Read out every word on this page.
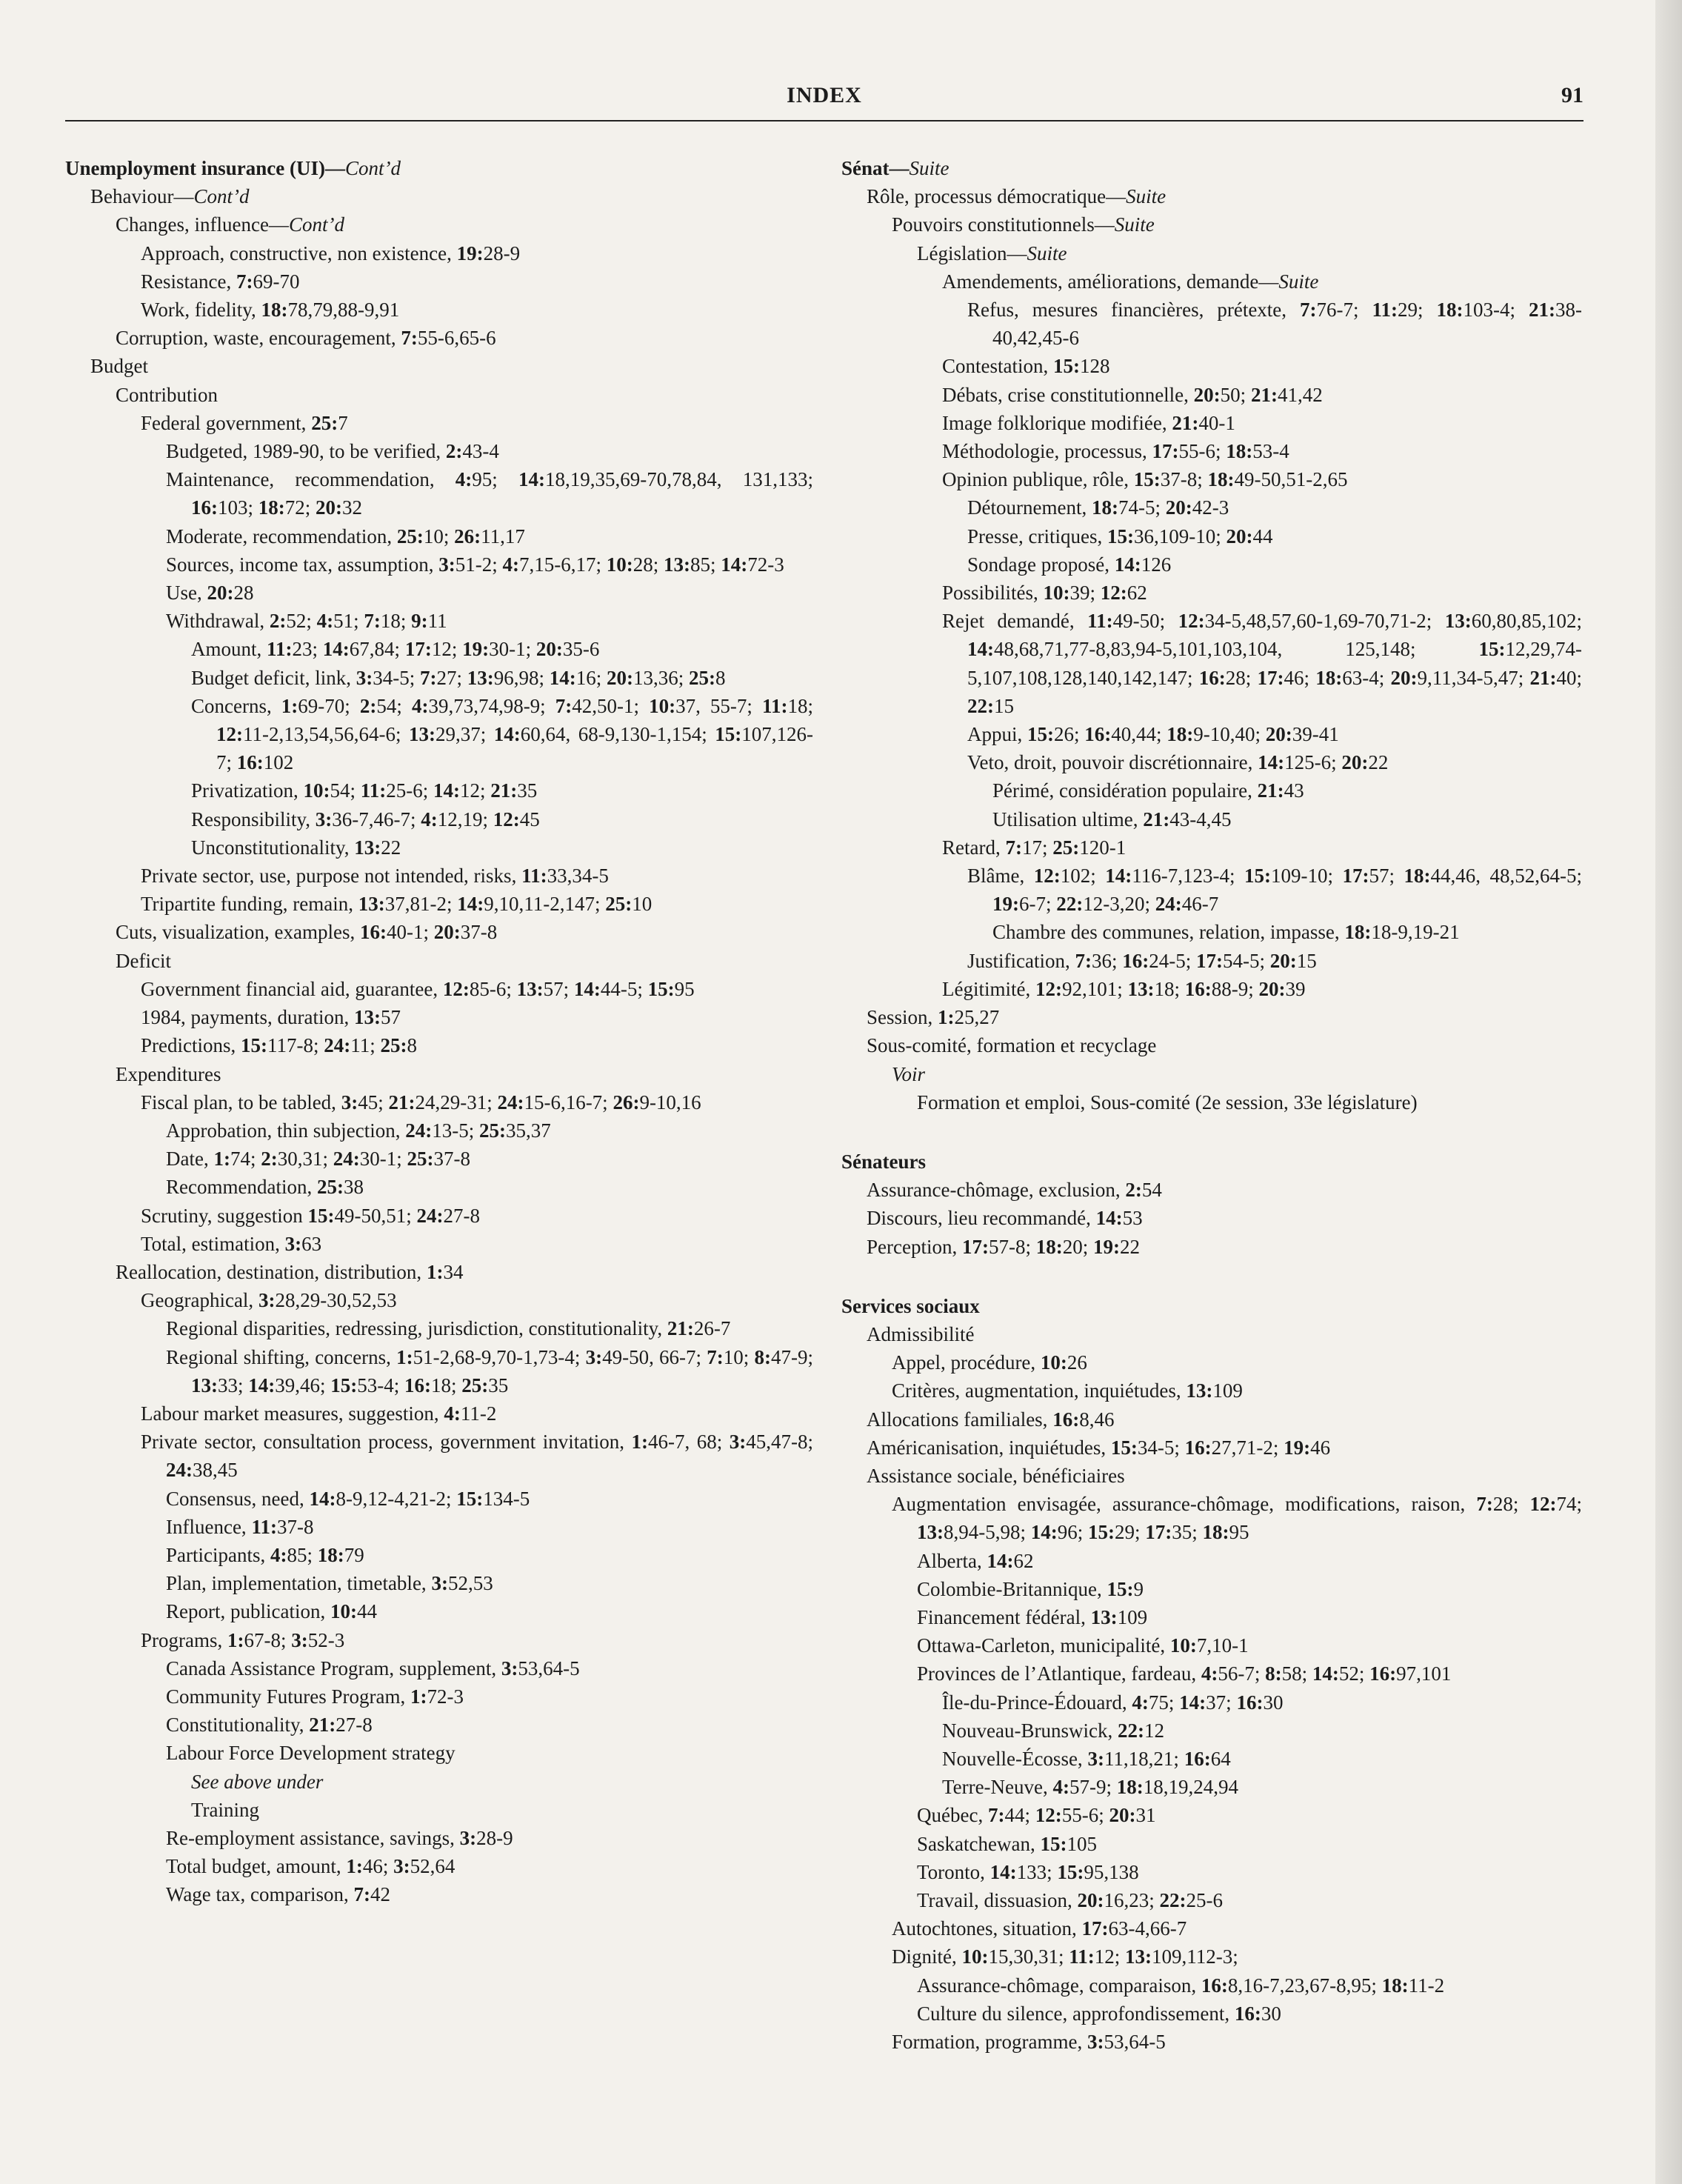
INDEX	91
Unemployment insurance (UI)—Cont’d
Behaviour—Cont’d
Changes, influence—Cont’d
Approach, constructive, non existence, 19:28-9
Resistance, 7:69-70
Work, fidelity, 18:78,79,88-9,91
Corruption, waste, encouragement, 7:55-6,65-6
Budget
Contribution
Federal government, 25:7
Budgeted, 1989-90, to be verified, 2:43-4
Maintenance, recommendation, 4:95; 14:18,19,35,69-70,78,84, 131,133; 16:103; 18:72; 20:32
Moderate, recommendation, 25:10; 26:11,17
Sources, income tax, assumption, 3:51-2; 4:7,15-6,17; 10:28; 13:85; 14:72-3
Use, 20:28
Withdrawal, 2:52; 4:51; 7:18; 9:11
Amount, 11:23; 14:67,84; 17:12; 19:30-1; 20:35-6
Budget deficit, link, 3:34-5; 7:27; 13:96,98; 14:16; 20:13,36; 25:8
Concerns, 1:69-70; 2:54; 4:39,73,74,98-9; 7:42,50-1; 10:37, 55-7; 11:18; 12:11-2,13,54,56,64-6; 13:29,37; 14:60,64, 68-9,130-1,154; 15:107,126-7; 16:102
Privatization, 10:54; 11:25-6; 14:12; 21:35
Responsibility, 3:36-7,46-7; 4:12,19; 12:45
Unconstitutionality, 13:22
Private sector, use, purpose not intended, risks, 11:33,34-5
Tripartite funding, remain, 13:37,81-2; 14:9,10,11-2,147; 25:10
Cuts, visualization, examples, 16:40-1; 20:37-8
Deficit
Government financial aid, guarantee, 12:85-6; 13:57; 14:44-5; 15:95
1984, payments, duration, 13:57
Predictions, 15:117-8; 24:11; 25:8
Expenditures
Fiscal plan, to be tabled, 3:45; 21:24,29-31; 24:15-6,16-7; 26:9-10,16
Approbation, thin subjection, 24:13-5; 25:35,37
Date, 1:74; 2:30,31; 24:30-1; 25:37-8
Recommendation, 25:38
Scrutiny, suggestion 15:49-50,51; 24:27-8
Total, estimation, 3:63
Reallocation, destination, distribution, 1:34
Geographical, 3:28,29-30,52,53
Regional disparities, redressing, jurisdiction, constitutionality, 21:26-7
Regional shifting, concerns, 1:51-2,68-9,70-1,73-4; 3:49-50, 66-7; 7:10; 8:47-9; 13:33; 14:39,46; 15:53-4; 16:18; 25:35
Labour market measures, suggestion, 4:11-2
Private sector, consultation process, government invitation, 1:46-7, 68; 3:45,47-8; 24:38,45
Consensus, need, 14:8-9,12-4,21-2; 15:134-5
Influence, 11:37-8
Participants, 4:85; 18:79
Plan, implementation, timetable, 3:52,53
Report, publication, 10:44
Programs, 1:67-8; 3:52-3
Canada Assistance Program, supplement, 3:53,64-5
Community Futures Program, 1:72-3
Constitutionality, 21:27-8
Labour Force Development strategy
See above under
Training
Re-employment assistance, savings, 3:28-9
Total budget, amount, 1:46; 3:52,64
Wage tax, comparison, 7:42
Sénat—Suite
Rôle, processus démocratique—Suite
Pouvoirs constitutionnels—Suite
Législation—Suite
Amendements, améliorations, demande—Suite
Refus, mesures financières, prétexte, 7:76-7; 11:29; 18:103-4; 21:38-40,42,45-6
Contestation, 15:128
Débats, crise constitutionnelle, 20:50; 21:41,42
Image folklorique modifiée, 21:40-1
Méthodologie, processus, 17:55-6; 18:53-4
Opinion publique, rôle, 15:37-8; 18:49-50,51-2,65
Détournement, 18:74-5; 20:42-3
Presse, critiques, 15:36,109-10; 20:44
Sondage proposé, 14:126
Possibilités, 10:39; 12:62
Rejet demandé, 11:49-50; 12:34-5,48,57,60-1,69-70,71-2; 13:60,80,85,102; 14:48,68,71,77-8,83,94-5,101,103,104, 125,148; 15:12,29,74-5,107,108,128,140,142,147; 16:28; 17:46; 18:63-4; 20:9,11,34-5,47; 21:40; 22:15
Appui, 15:26; 16:40,44; 18:9-10,40; 20:39-41
Veto, droit, pouvoir discrétionnaire, 14:125-6; 20:22
Périmé, considération populaire, 21:43
Utilisation ultime, 21:43-4,45
Retard, 7:17; 25:120-1
Blâme, 12:102; 14:116-7,123-4; 15:109-10; 17:57; 18:44,46, 48,52,64-5; 19:6-7; 22:12-3,20; 24:46-7
Chambre des communes, relation, impasse, 18:18-9,19-21
Justification, 7:36; 16:24-5; 17:54-5; 20:15
Légitimité, 12:92,101; 13:18; 16:88-9; 20:39
Session, 1:25,27
Sous-comité, formation et recyclage
Voir
Formation et emploi, Sous-comité (2e session, 33e législature)
Sénateurs
Assurance-chômage, exclusion, 2:54
Discours, lieu recommandé, 14:53
Perception, 17:57-8; 18:20; 19:22
Services sociaux
Admissibilité
Appel, procédure, 10:26
Critères, augmentation, inquiétudes, 13:109
Allocations familiales, 16:8,46
Américanisation, inquiétudes, 15:34-5; 16:27,71-2; 19:46
Assistance sociale, bénéficiaires
Augmentation envisagée, assurance-chômage, modifications, raison, 7:28; 12:74; 13:8,94-5,98; 14:96; 15:29; 17:35; 18:95
Alberta, 14:62
Colombie-Britannique, 15:9
Financement fédéral, 13:109
Ottawa-Carleton, municipalité, 10:7,10-1
Provinces de l’Atlantique, fardeau, 4:56-7; 8:58; 14:52; 16:97,101
Île-du-Prince-Édouard, 4:75; 14:37; 16:30
Nouveau-Brunswick, 22:12
Nouvelle-Écosse, 3:11,18,21; 16:64
Terre-Neuve, 4:57-9; 18:18,19,24,94
Québec, 7:44; 12:55-6; 20:31
Saskatchewan, 15:105
Toronto, 14:133; 15:95,138
Travail, dissuasion, 20:16,23; 22:25-6
Autochtones, situation, 17:63-4,66-7
Dignité, 10:15,30,31; 11:12; 13:109,112-3;
Assurance-chômage, comparaison, 16:8,16-7,23,67-8,95; 18:11-2
Culture du silence, approfondissement, 16:30
Formation, programme, 3:53,64-5
